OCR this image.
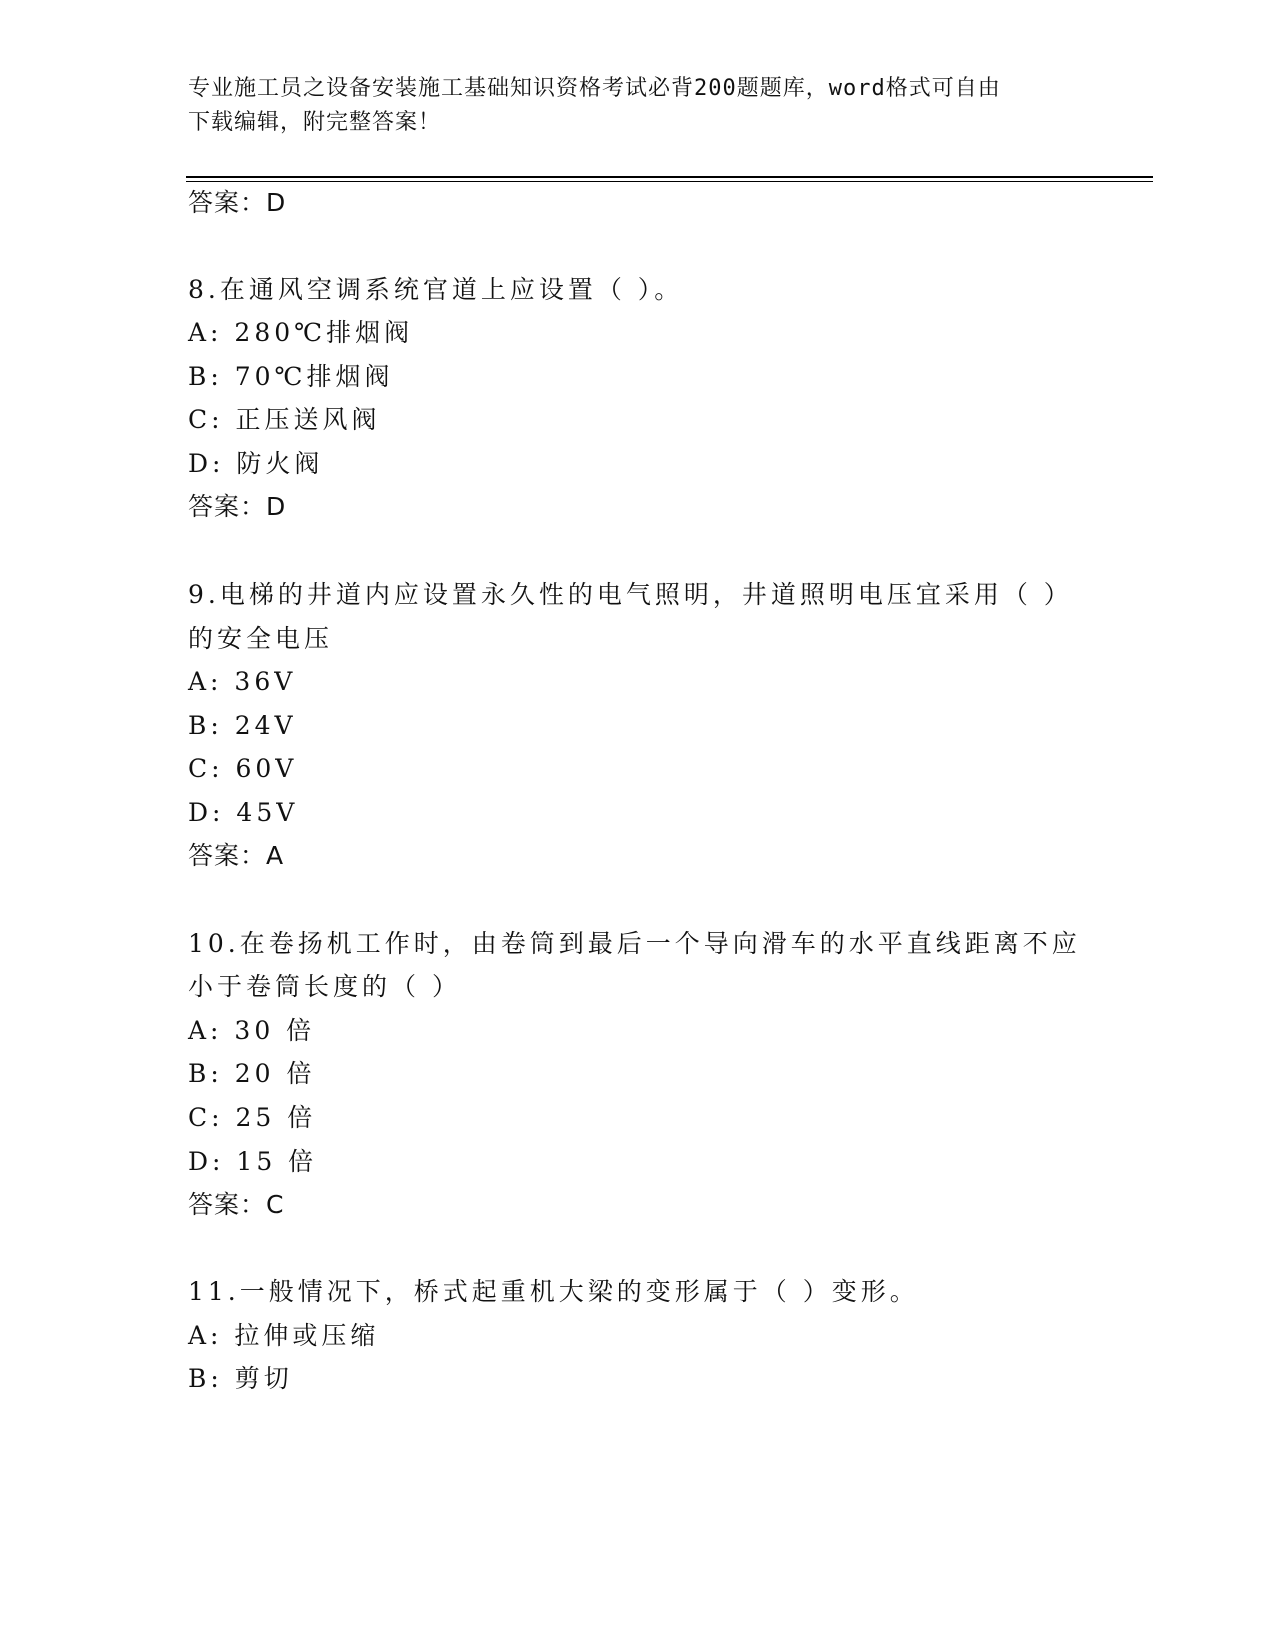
专业施工员之设备安装施工基础知识资格考试必背200题题库，word格式可自由
下载编辑，附完整答案！
答案：D
8.在通风空调系统官道上应设置（ ）。
A: 280℃排烟阀
B: 70℃排烟阀
C: 正压送风阀
D: 防火阀
答案：D
9.电梯的井道内应设置永久性的电气照明，井道照明电压宜采用（ ）
的安全电压
A: 36V
B: 24V
C: 60V
D: 45V
答案：A
10.在卷扬机工作时，由卷筒到最后一个导向滑车的水平直线距离不应
小于卷筒长度的（ ）
A: 30 倍
B: 20 倍
C: 25 倍
D: 15 倍
答案：C
11.一般情况下，桥式起重机大梁的变形属于（ ）变形。
A: 拉伸或压缩
B: 剪切
